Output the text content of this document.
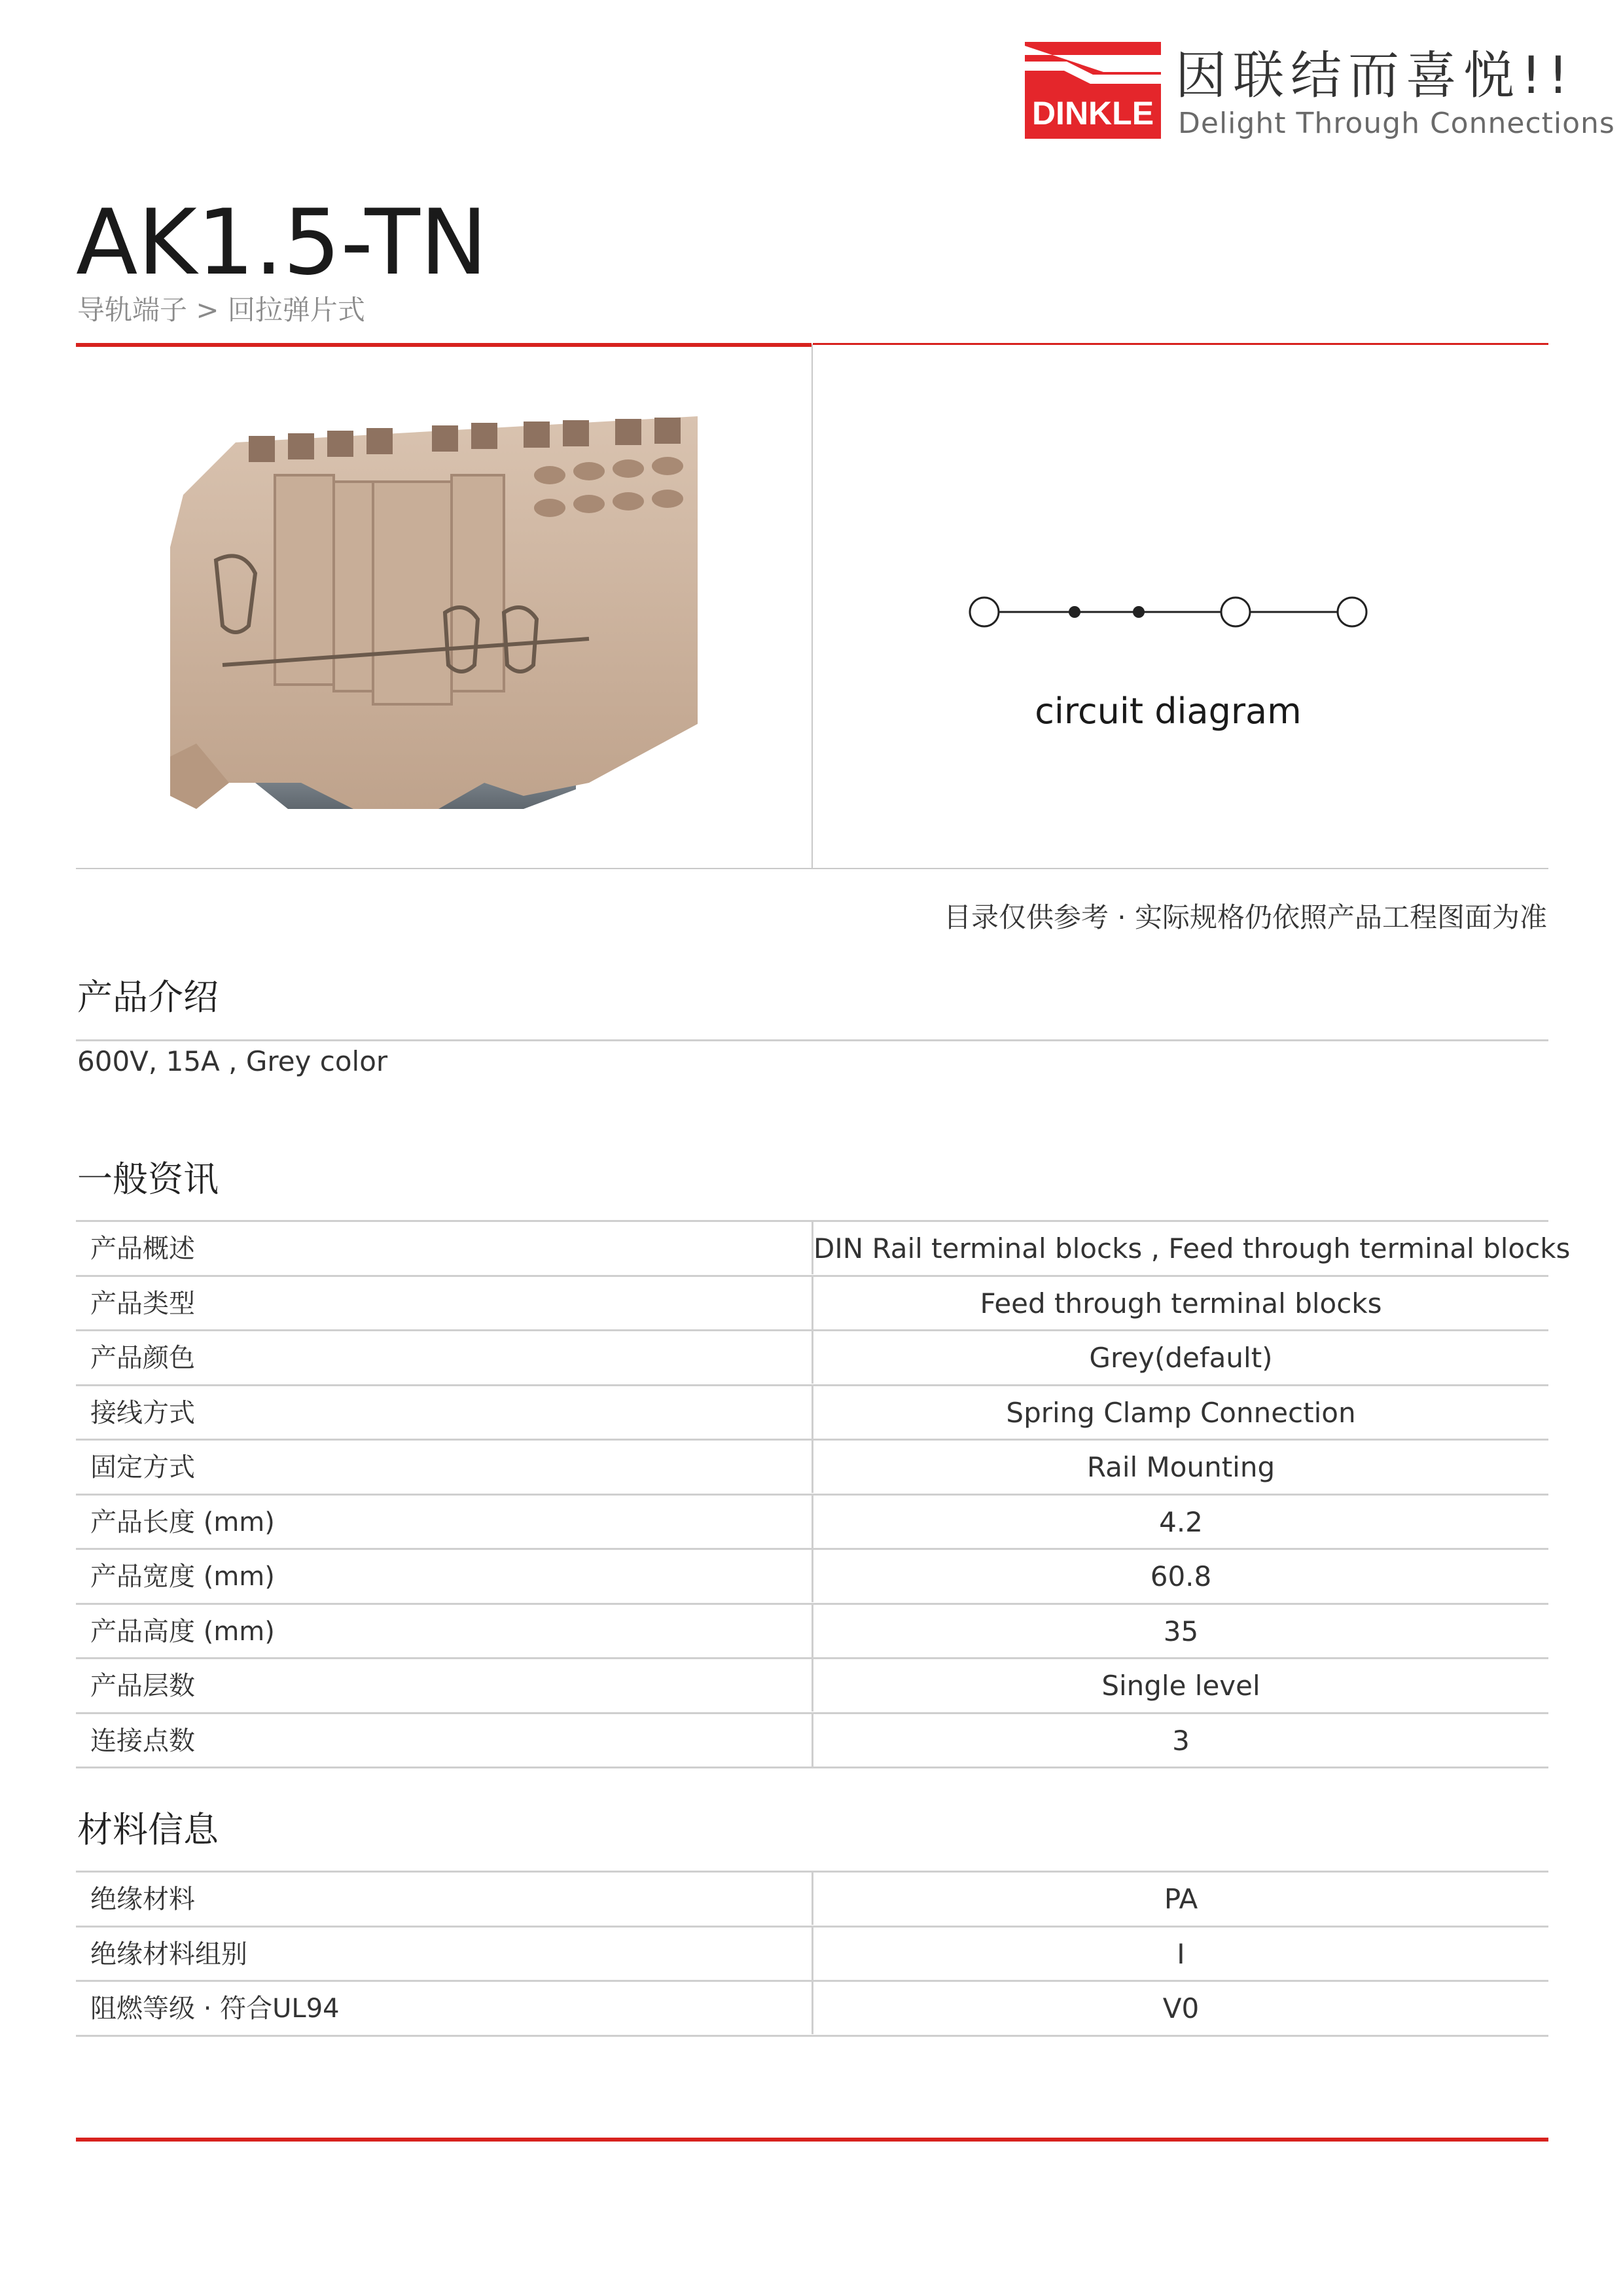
DINKLE
因联结而喜悦!!
Delight Through Connections
AK1.5-TN
导轨端子 > 回拉弹片式
circuit diagram
目录仅供参考 · 实际规格仍依照产品工程图面为准
产品介绍
600V, 15A , Grey color
一般资讯
产品概述	DIN Rail terminal blocks , Feed through terminal blocks
产品类型	Feed through terminal blocks
产品颜色	Grey(default)
接线方式	Spring Clamp Connection
固定方式	Rail Mounting
产品长度 (mm)	4.2
产品宽度 (mm)	60.8
产品高度 (mm)	35
产品层数	Single level
连接点数	3
材料信息
绝缘材料	PA
绝缘材料组别	I
阻燃等级 · 符合UL94	V0
